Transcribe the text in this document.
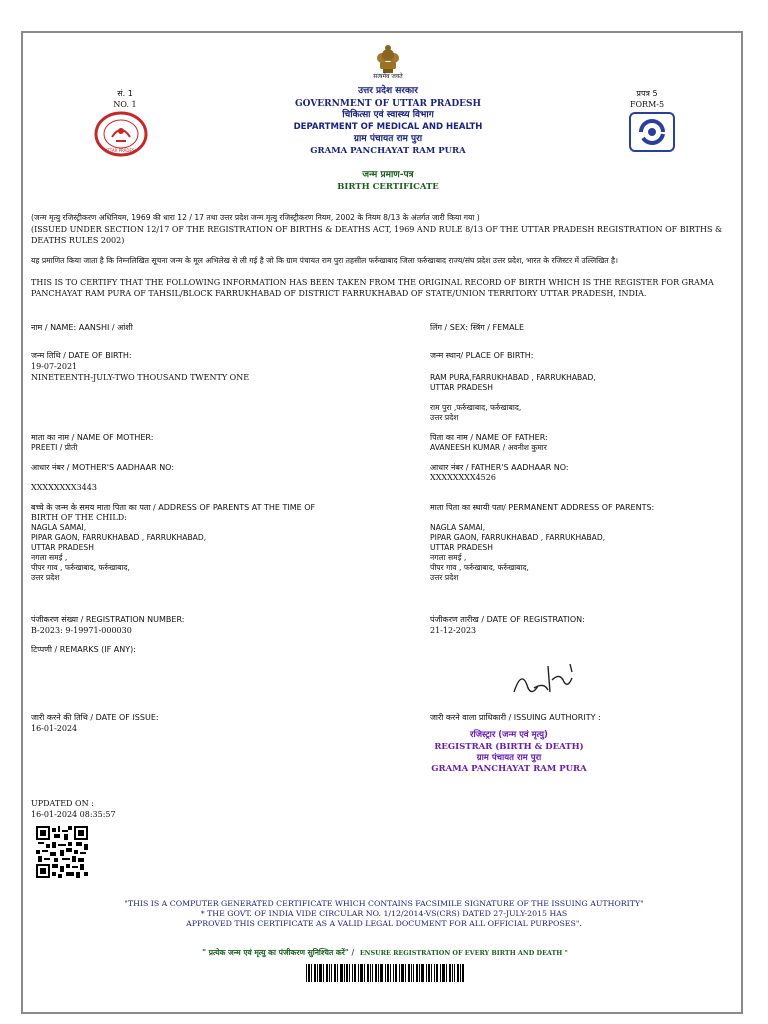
सत्यमेव जयते
सं. 1
NO. 1
UTTAR PRADESH
प्रपत्र 5
FORM-5
उत्तर प्रदेश सरकार
GOVERNMENT OF UTTAR PRADESH
चिकित्सा एवं स्वास्थ्य विभाग
DEPARTMENT OF MEDICAL AND HEALTH
ग्राम पंचायत राम पुरा
GRAMA PANCHAYAT RAM PURA
जन्म प्रमाण-पत्र
BIRTH CERTIFICATE
(जन्म मृत्यु रजिस्ट्रीकरण अधिनियम, 1969 की धारा 12 / 17 तथा उत्तर प्रदेश जन्म मृत्यु रजिस्ट्रीकरण नियम, 2002 के नियम 8/13 के अंतर्गत जारी किया गया )
(ISSUED UNDER SECTION 12/17 OF THE REGISTRATION OF BIRTHS & DEATHS ACT, 1969 AND RULE 8/13 OF THE UTTAR PRADESH REGISTRATION OF BIRTHS & DEATHS RULES 2002)
यह प्रमाणित किया जाता है कि निम्नलिखित सूचना जन्म के मूल अभिलेख से ली गई है जो कि ग्राम पंचायत राम पुरा तहसील फर्रुखाबाद जिला फर्रुखाबाद राज्य/संघ प्रदेश उत्तर प्रदेश, भारत के रजिस्टर में उल्लिखित है।
THIS IS TO CERTIFY THAT THE FOLLOWING INFORMATION HAS BEEN TAKEN FROM THE ORIGINAL RECORD OF BIRTH WHICH IS THE REGISTER FOR GRAMA PANCHAYAT RAM PURA OF TAHSIL/BLOCK FARRUKHABAD OF DISTRICT FARRUKHABAD OF STATE/UNION TERRITORY UTTAR PRADESH, INDIA.
नाम / NAME: AANSHI / आंशी	लिंग / SEX: स्त्रिंग / FEMALE
जन्म तिथि / DATE OF BIRTH:
19-07-2021
NINETEENTH-JULY-TWO THOUSAND TWENTY ONE
जन्म स्थान/ PLACE OF BIRTH:
RAM PURA,FARRUKHABAD , FARRUKHABAD,
UTTAR PRADESH
राम पुरा ,फर्रुखाबाद, फर्रुखाबाद,
उत्तर प्रदेश
माता का नाम / NAME OF MOTHER:
PREETI / प्रीती
पिता का नाम / NAME OF FATHER:
AVANEESH KUMAR / अवनीश कुमार
आधार नंबर / MOTHER'S AADHAAR NO:
XXXXXXXX3443
आधार नंबर / FATHER'S AADHAAR NO:
XXXXXXXX4526
बच्चे के जन्म के समय माता पिता का पता / ADDRESS OF PARENTS AT THE TIME OF
BIRTH OF THE CHILD:
NAGLA SAMAI,
PIPAR GAON, FARRUKHABAD , FARRUKHABAD,
UTTAR PRADESH
नगला समई ,
पीपर गाव , फर्रुखाबाद, फर्रुखाबाद,
उत्तर प्रदेश
माता पिता का स्थायी पता/ PERMANENT ADDRESS OF PARENTS:
NAGLA SAMAI,
PIPAR GAON, FARRUKHABAD , FARRUKHABAD,
UTTAR PRADESH
नगला समई ,
पीपर गाव , फर्रुखाबाद, फर्रुखाबाद,
उत्तर प्रदेश
पंजीकरण संख्या / REGISTRATION NUMBER:
B-2023: 9-19971-000030
पंजीकरण तारीख / DATE OF REGISTRATION:
21-12-2023
टिप्पणी / REMARKS (IF ANY):
जारी करने की तिथि / DATE OF ISSUE:
16-01-2024
जारी करने वाला प्राधिकारी / ISSUING AUTHORITY :
रजिस्ट्रार (जन्म एवं मृत्यु)
REGISTRAR (BIRTH & DEATH)
ग्राम पंचायत राम पुरा
GRAMA PANCHAYAT RAM PURA
UPDATED ON :
16-01-2024 08:35:57
"THIS IS A COMPUTER GENERATED CERTIFICATE WHICH CONTAINS FACSIMILE SIGNATURE OF THE ISSUING AUTHORITY"
* THE GOVT. OF INDIA VIDE CIRCULAR NO. 1/12/2014-VS(CRS) DATED 27-JULY-2015 HAS
APPROVED THIS CERTIFICATE AS A VALID LEGAL DOCUMENT FOR ALL OFFICIAL PURPOSES".
" प्रत्येक जन्म एवं मृत्यु का पंजीकरण सुनिश्चित करें" / ENSURE REGISTRATION OF EVERY BIRTH AND DEATH "
